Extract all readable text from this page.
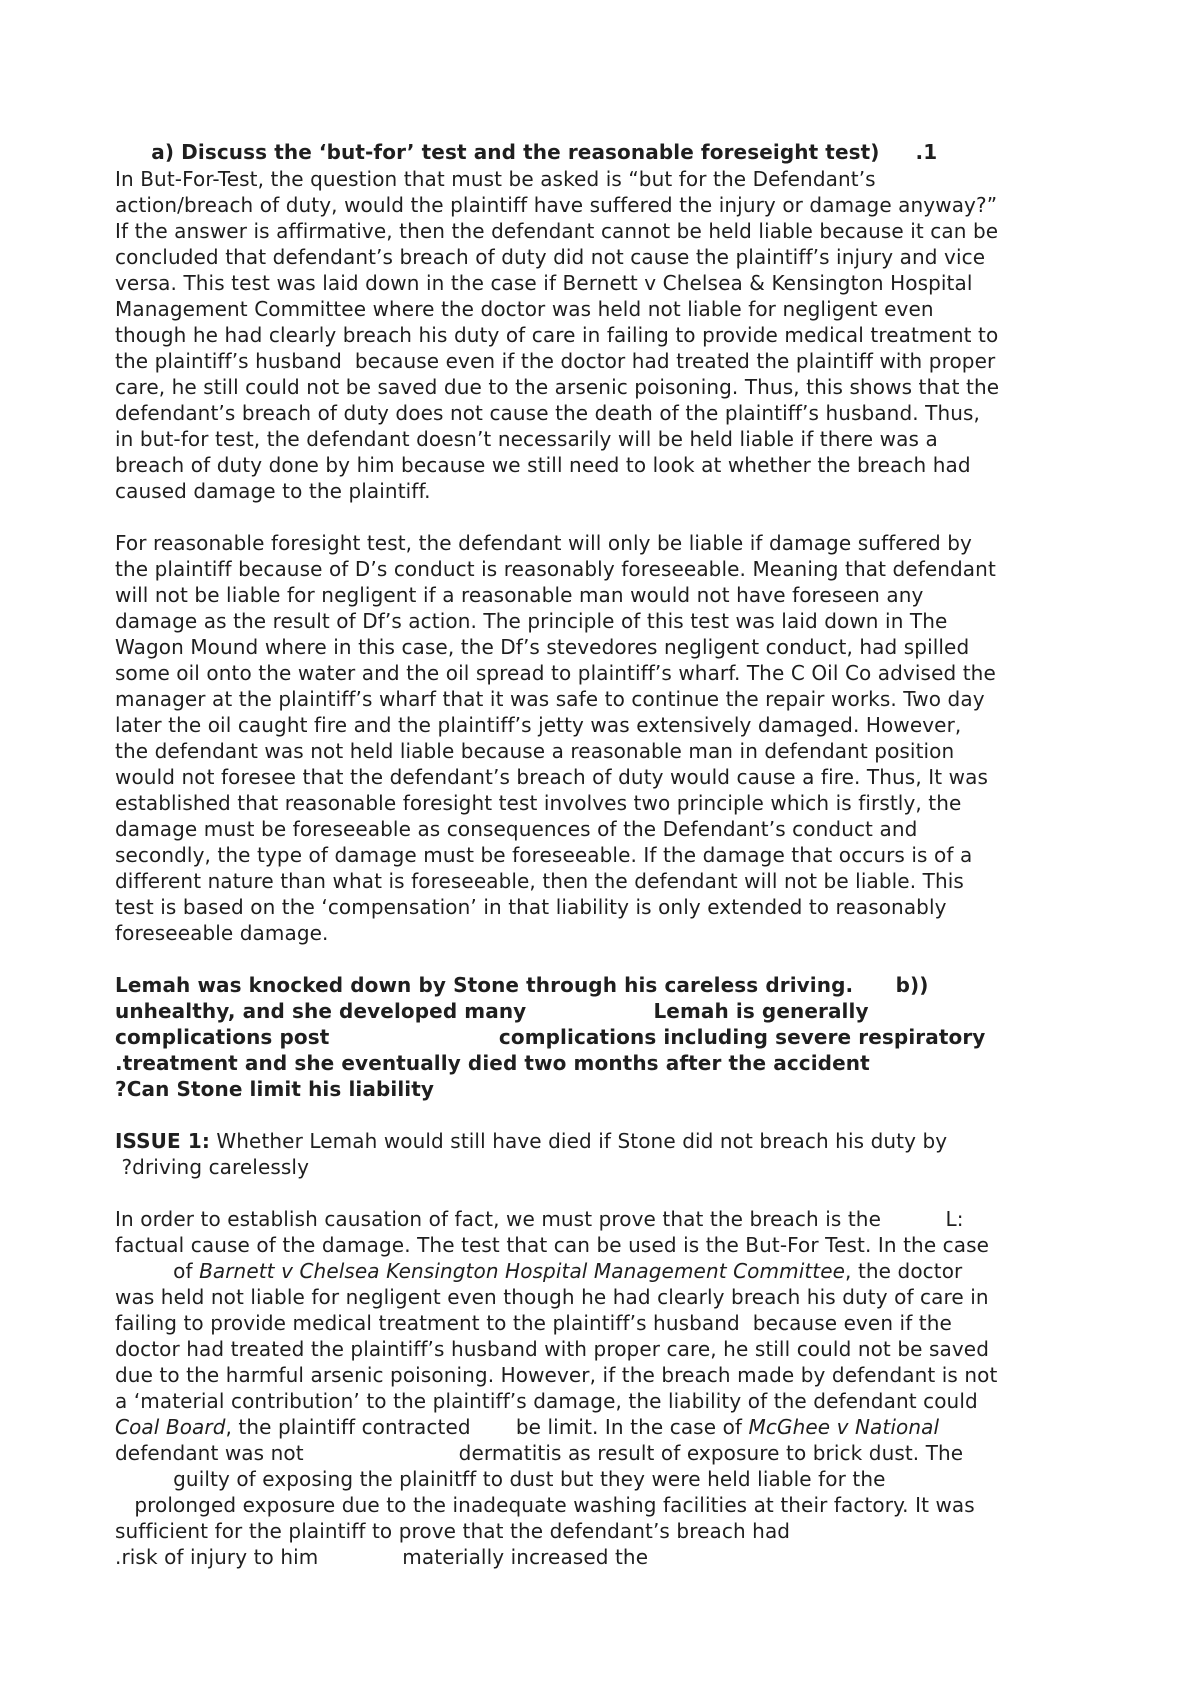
a) Discuss the ‘but-for’ test and the reasonable foreseight test) .1

In But-For-Test, the question that must be asked is “but for the Defendant’s
action/breach of duty, would the plaintiff have suffered the injury or damage anyway?”
If the answer is affirmative, then the defendant cannot be held liable because it can be
concluded that defendant’s breach of duty did not cause the plaintiff’s injury and vice
versa. This test was laid down in the case if Bernett v Chelsea & Kensington Hospital
Management Committee where the doctor was held not liable for negligent even
though he had clearly breach his duty of care in failing to provide medical treatment to
the plaintiff’s husband  because even if the doctor had treated the plaintiff with proper
care, he still could not be saved due to the arsenic poisoning. Thus, this shows that the
defendant’s breach of duty does not cause the death of the plaintiff’s husband. Thus,
in but-for test, the defendant doesn’t necessarily will be held liable if there was a
breach of duty done by him because we still need to look at whether the breach had
caused damage to the plaintiff.
For reasonable foresight test, the defendant will only be liable if damage suffered by
the plaintiff because of D’s conduct is reasonably foreseeable. Meaning that defendant
will not be liable for negligent if a reasonable man would not have foreseen any
damage as the result of Df’s action. The principle of this test was laid down in The
Wagon Mound where in this case, the Df’s stevedores negligent conduct, had spilled
some oil onto the water and the oil spread to plaintiff’s wharf. The C Oil Co advised the
manager at the plaintiff’s wharf that it was safe to continue the repair works. Two day
later the oil caught fire and the plaintiff’s jetty was extensively damaged. However,
the defendant was not held liable because a reasonable man in defendant position
would not foresee that the defendant’s breach of duty would cause a fire. Thus, It was
established that reasonable foresight test involves two principle which is firstly, the
damage must be foreseeable as consequences of the Defendant’s conduct and
secondly, the type of damage must be foreseeable. If the damage that occurs is of a
different nature than what is foreseeable, then the defendant will not be liable. This
test is based on the ‘compensation’ in that liability is only extended to reasonably
foreseeable damage.
Lemah was knocked down by Stone through his careless driving.      b))
unhealthy, and she developed many                  Lemah is generally
complications post                        complications including severe respiratory
.treatment and she eventually died two months after the accident
?Can Stone limit his liability
ISSUE 1: Whether Lemah would still have died if Stone did not breach his duty by
?driving carelessly
In order to establish causation of fact, we must prove that the breach is the          L:
factual cause of the damage. The test that can be used is the But-For Test. In the case
of Barnett v Chelsea Kensington Hospital Management Committee, the doctor
was held not liable for negligent even though he had clearly breach his duty of care in
failing to provide medical treatment to the plaintiff’s husband  because even if the
doctor had treated the plaintiff’s husband with proper care, he still could not be saved
due to the harmful arsenic poisoning. However, if the breach made by defendant is not
a ‘material contribution’ to the plaintiff’s damage, the liability of the defendant could
Coal Board, the plaintiff contracted       be limit. In the case of McGhee v National
defendant was not                        dermatitis as result of exposure to brick dust. The
guilty of exposing the plainitff to dust but they were held liable for the
prolonged exposure due to the inadequate washing facilities at their factory. It was
sufficient for the plaintiff to prove that the defendant’s breach had
.risk of injury to him             materially increased the
